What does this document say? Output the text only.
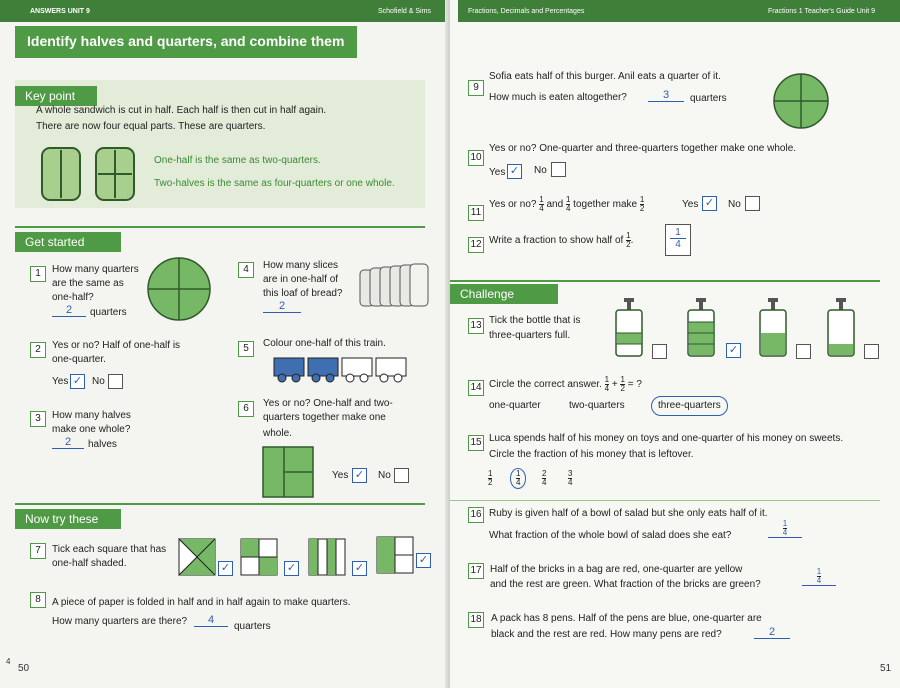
ANSWERS UNIT 9	Schofield & Sims
Identify halves and quarters, and combine them
Key point
A whole sandwich is cut in half. Each half is then cut in half again.
There are now four equal parts. These are quarters.
One-half is the same as two-quarters.
Two-halves is the same as four-quarters or one whole.
Get started
1	How many quarters
are the same as
one-half?
2	quarters
4	How many slices
are in one-half of
this loaf of bread?
2
2	Yes or no? Half of one-half is
one-quarter.
Yes ✓ No
5	Colour one-half of this train.
3	How many halves
make one whole?
2	halves
6	Yes or no? One-half and two-
quarters together make one
whole.
Yes ✓ No
Now try these
7	Tick each square that has
one-half shaded.	✓	✓	✓
✓
8	A piece of paper is folded in half and in half again to make quarters.
How many quarters are there?	4
quarters
4
50
Fractions, Decimals and Percentages	Fractions 1 Teacher's Guide Unit 9
9
Sofia eats half of this burger. Anil eats a quarter of it.
How much is eaten altogether?	3	quarters
10
Yes or no? One-quarter and three-quarters together make one whole.
Yes ✓ No
11
Yes or no? $\frac{1}{4}$ and $\frac{1}{4}$ together make $\frac{1}{2}$	Yes ✓ No
12 Write a fraction to show half of $\frac{1}{2}$ .	$\frac{1}{4}$
Challenge
13 Tick the bottle that is
three-quarters full.
✓
14 Circle the correct answer. $\frac{1}{4} + \frac{1}{2}$ = ?
one-quarter	two-quarters	three-quarters
15 Luca spends half of his money on toys and one-quarter of his money on sweets.
Circle the fraction of his money that is leftover.
$\frac{1}{2}$	$\frac{1}{4}$	$\frac{2}{4}$	$\frac{3}{4}$
16 Ruby is given half of a bowl of salad but she only eats half of it.
What fraction of the whole bowl of salad does she eat?	$\frac{1}{4}$
17 Half of the bricks in a bag are red, one-quarter are yellow
and the rest are green. What fraction of the bricks are green?	$\frac{1}{4}$
18 A pack has 8 pens. Half of the pens are blue, one-quarter are
black and the rest are red. How many pens are red?	2
51
